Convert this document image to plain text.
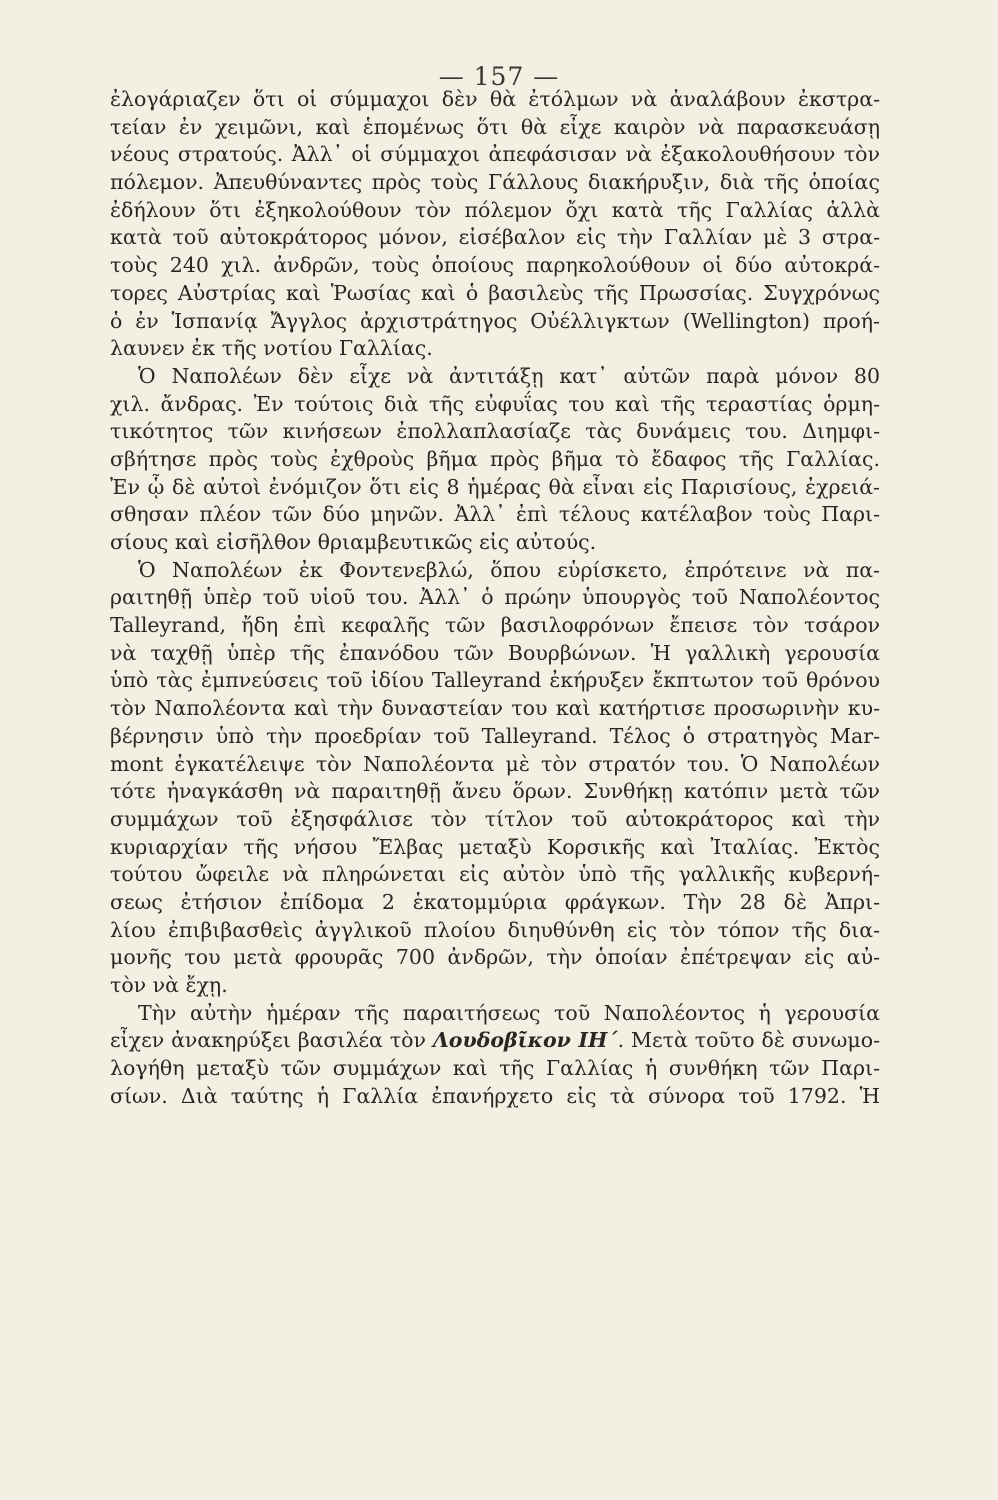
— 157 —
ἐλογάριαζεν ὅτι οἱ σύμμαχοι δὲν θὰ ἐτόλμων νὰ ἀναλάβουν ἐκστρα-
τείαν ἐν χειμῶνι, καὶ ἑπομένως ὅτι θὰ εἶχε καιρὸν νὰ παρασκευάσῃ
νέους στρατούς. Ἀλλ᾽ οἱ σύμμαχοι ἀπεφάσισαν νὰ ἐξακολουθήσουν τὸν
πόλεμον. Ἀπευθύναντες πρὸς τοὺς Γάλλους διακήρυξιν, διὰ τῆς ὁποίας
ἐδήλουν ὅτι ἐξηκολούθουν τὸν πόλεμον ὄχι κατὰ τῆς Γαλλίας ἀλλὰ
κατὰ τοῦ αὐτοκράτορος μόνον, εἰσέβαλον εἰς τὴν Γαλλίαν μὲ 3 στρα-
τοὺς 240 χιλ. ἀνδρῶν, τοὺς ὁποίους παρηκολούθουν οἱ δύο αὐτοκρά-
τορες Αὐστρίας καὶ Ῥωσίας καὶ ὁ βασιλεὺς τῆς Πρωσσίας. Συγχρόνως
ὁ ἐν Ἱσπανίᾳ Ἄγγλος ἀρχιστράτηγος Οὐέλλιγκτων (Wellington) προή-
λαυνεν ἐκ τῆς νοτίου Γαλλίας.
Ὁ Ναπολέων δὲν εἶχε νὰ ἀντιτάξῃ κατ᾽ αὐτῶν παρὰ μόνον 80
χιλ. ἄνδρας. Ἐν τούτοις διὰ τῆς εὐφυΐας του καὶ τῆς τεραστίας ὁρμη-
τικότητος τῶν κινήσεων ἐπολλαπλασίαζε τὰς δυνάμεις του. Διημφι-
σβήτησε πρὸς τοὺς ἐχθροὺς βῆμα πρὸς βῆμα τὸ ἔδαφος τῆς Γαλλίας.
Ἐν ᾧ δὲ αὐτοὶ ἐνόμιζον ὅτι εἰς 8 ἡμέρας θὰ εἶναι εἰς Παρισίους, ἐχρειά-
σθησαν πλέον τῶν δύο μηνῶν. Ἀλλ᾽ ἐπὶ τέλους κατέλαβον τοὺς Παρι-
σίους καὶ εἰσῆλθον θριαμβευτικῶς εἰς αὐτούς.
Ὁ Ναπολέων ἐκ Φοντενεβλώ, ὅπου εὑρίσκετο, ἐπρότεινε νὰ πα-
ραιτηθῇ ὑπὲρ τοῦ υἱοῦ του. Ἀλλ᾽ ὁ πρώην ὑπουργὸς τοῦ Ναπολέοντος
Talleyrand, ἤδη ἐπὶ κεφαλῆς τῶν βασιλοφρόνων ἔπεισε τὸν τσάρον
νὰ ταχθῇ ὑπὲρ τῆς ἐπανόδου τῶν Βουρβώνων. Ἡ γαλλικὴ γερουσία
ὑπὸ τὰς ἐμπνεύσεις τοῦ ἰδίου Talleyrand ἐκήρυξεν ἔκπτωτον τοῦ θρόνου
τὸν Ναπολέοντα καὶ τὴν δυναστείαν του καὶ κατήρτισε προσωρινὴν κυ-
βέρνησιν ὑπὸ τὴν προεδρίαν τοῦ Talleyrand. Τέλος ὁ στρατηγὸς Mar-
mont ἐγκατέλειψε τὸν Ναπολέοντα μὲ τὸν στρατόν του. Ὁ Ναπολέων
τότε ἠναγκάσθη νὰ παραιτηθῇ ἄνευ ὅρων. Συνθήκῃ κατόπιν μετὰ τῶν
συμμάχων τοῦ ἐξησφάλισε τὸν τίτλον τοῦ αὐτοκράτορος καὶ τὴν
κυριαρχίαν τῆς νήσου Ἔλβας μεταξὺ Κορσικῆς καὶ Ἰταλίας. Ἐκτὸς
τούτου ὤφειλε νὰ πληρώνεται εἰς αὐτὸν ὑπὸ τῆς γαλλικῆς κυβερνή-
σεως ἐτήσιον ἐπίδομα 2 ἑκατομμύρια φράγκων. Τὴν 28 δὲ Ἀπρι-
λίου ἐπιβιβασθεὶς ἀγγλικοῦ πλοίου διηυθύνθη εἰς τὸν τόπον τῆς δια-
μονῆς του μετὰ φρουρᾶς 700 ἀνδρῶν, τὴν ὁποίαν ἐπέτρεψαν εἰς αὐ-
τὸν νὰ ἔχῃ.
Τὴν αὐτὴν ἡμέραν τῆς παραιτήσεως τοῦ Ναπολέοντος ἡ γερουσία
εἶχεν ἀνακηρύξει βασιλέα τὸν Λουδοβῖκον ΙΗ΄. Μετὰ τοῦτο δὲ συνωμο-
λογήθη μεταξὺ τῶν συμμάχων καὶ τῆς Γαλλίας ἡ συνθήκη τῶν Παρι-
σίων. Διὰ ταύτης ἡ Γαλλία ἐπανήρχετο εἰς τὰ σύνορα τοῦ 1792. Ἡ
